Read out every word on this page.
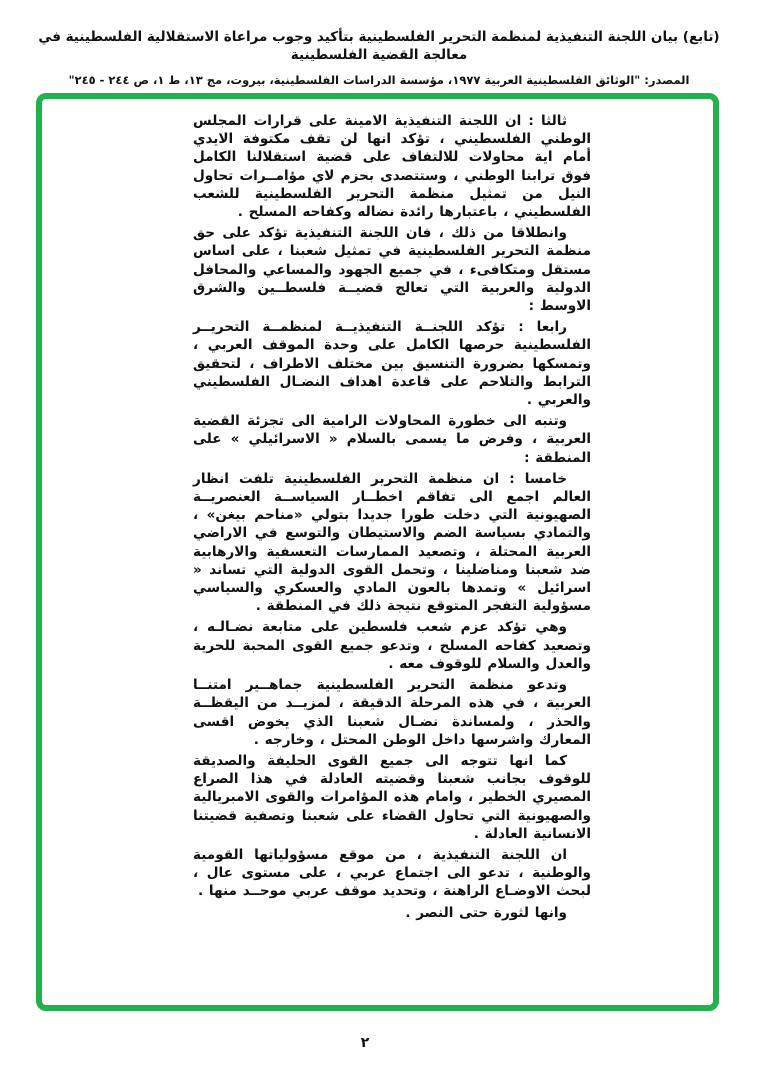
(تابع) بيان اللجنة التنفيذية لمنظمة التحرير الفلسطينية بتأكيد وجوب مراعاة الاستقلالية الفلسطينية في معالجة القضية الفلسطينية
المصدر: "الوثائق الفلسطينية العربية ١٩٧٧، مؤسسة الدراسات الفلسطينية، بيروت، مج ١٣، ط ١، ص ٢٤٤ - ٢٤٥"

ثالثا : ان اللجنة التنفيذية الامينة على قرارات المجلس الوطني الفلسطيني ، تؤكد انها لن تقف مكتوفة الايدي أمام اية محاولات للالتفاف على قضية استقلالنا الكامل فوق ترابنا الوطني ، وستتصدى بحزم لاي مؤامــرات تحاول النيل من تمثيل منظمة التحرير الفلسطينية للشعب الفلسطيني ، باعتبارها رائدة نضاله وكفاحه المسلح .

وانطلاقا من ذلك ، فان اللجنة التنفيذية تؤكد على حق منظمة التحرير الفلسطينية في تمثيل شعبنا ، على اساس مستقل ومتكافىء ، في جميع الجهود والمساعي والمحافل الدولية والعربية التي تعالج قضيــة فلسطــين والشرق الاوسط :

رابعا : تؤكد اللجنــة التنفيذيــة لمنظمــة التحريــر الفلسطينية حرصها الكامل على وحدة الموقف العربي ، وتمسكها بضرورة التنسيق بين مختلف الاطراف ، لتحقيق الترابط والتلاحم على قاعدة اهداف النضـال الفلسطيني والعربي .

وتنبه الى خطورة المحاولات الرامية الى تجزئة القضية العربية ، وفرض ما يسمى بالسلام « الاسرائيلي » على المنطقة :

خامسا : ان منظمة التحرير الفلسطينية تلفت انظار العالم اجمع الى تفاقم اخطــار السياســة العنصريــة الصهيونية التي دخلت طورا جديدا بتولي «مناحم بيغن» ، والتمادي بسياسة الضم والاستيطان والتوسع في الاراضي العربية المحتلة ، وتصعيد الممارسات التعسفية والارهابية ضد شعبنا ومناضلينا ، وتحمل القوى الدولية التي تساند « اسرائيل » وتمدها بالعون المادي والعسكري والسياسي مسؤولية التفجر المتوقع نتيجة ذلك في المنطقة .

وهي تؤكد عزم شعب فلسطين على متابعة نضـالـه ، وتصعيد كفاحه المسلح ، وتدعو جميع القوى المحبة للحرية والعدل والسلام للوقوف معه .

وتدعو منظمة التحرير الفلسطينية جماهــير امتنــا العربية ، في هذه المرحلة الدقيقة ، لمزيــد من اليقظــة والحذر ، ولمساندة نضـال شعبنا الذي يخوض اقسى المعارك واشرسها داخل الوطن المحتل ، وخارجه .

كما انها تتوجه الى جميع القوى الحليفة والصديقة للوقوف بجانب شعبنا وقضيته العادلة في هذا الصراع المصيري الخطير ، وامام هذه المؤامرات والقوى الامبريالية والصهيونية التي تحاول القضاء على شعبنا وتصفية قضيتنا الانسانية العادلة .

ان اللجنة التنفيذية ، من موقع مسؤولياتها القومية والوطنية ، تدعو الى اجتماع عربي ، على مستوى عال ، لبحث الاوضـاع الراهنة ، وتحديد موقف عربي موحــد منها .

وانها لثورة حتى النصر .

٢
